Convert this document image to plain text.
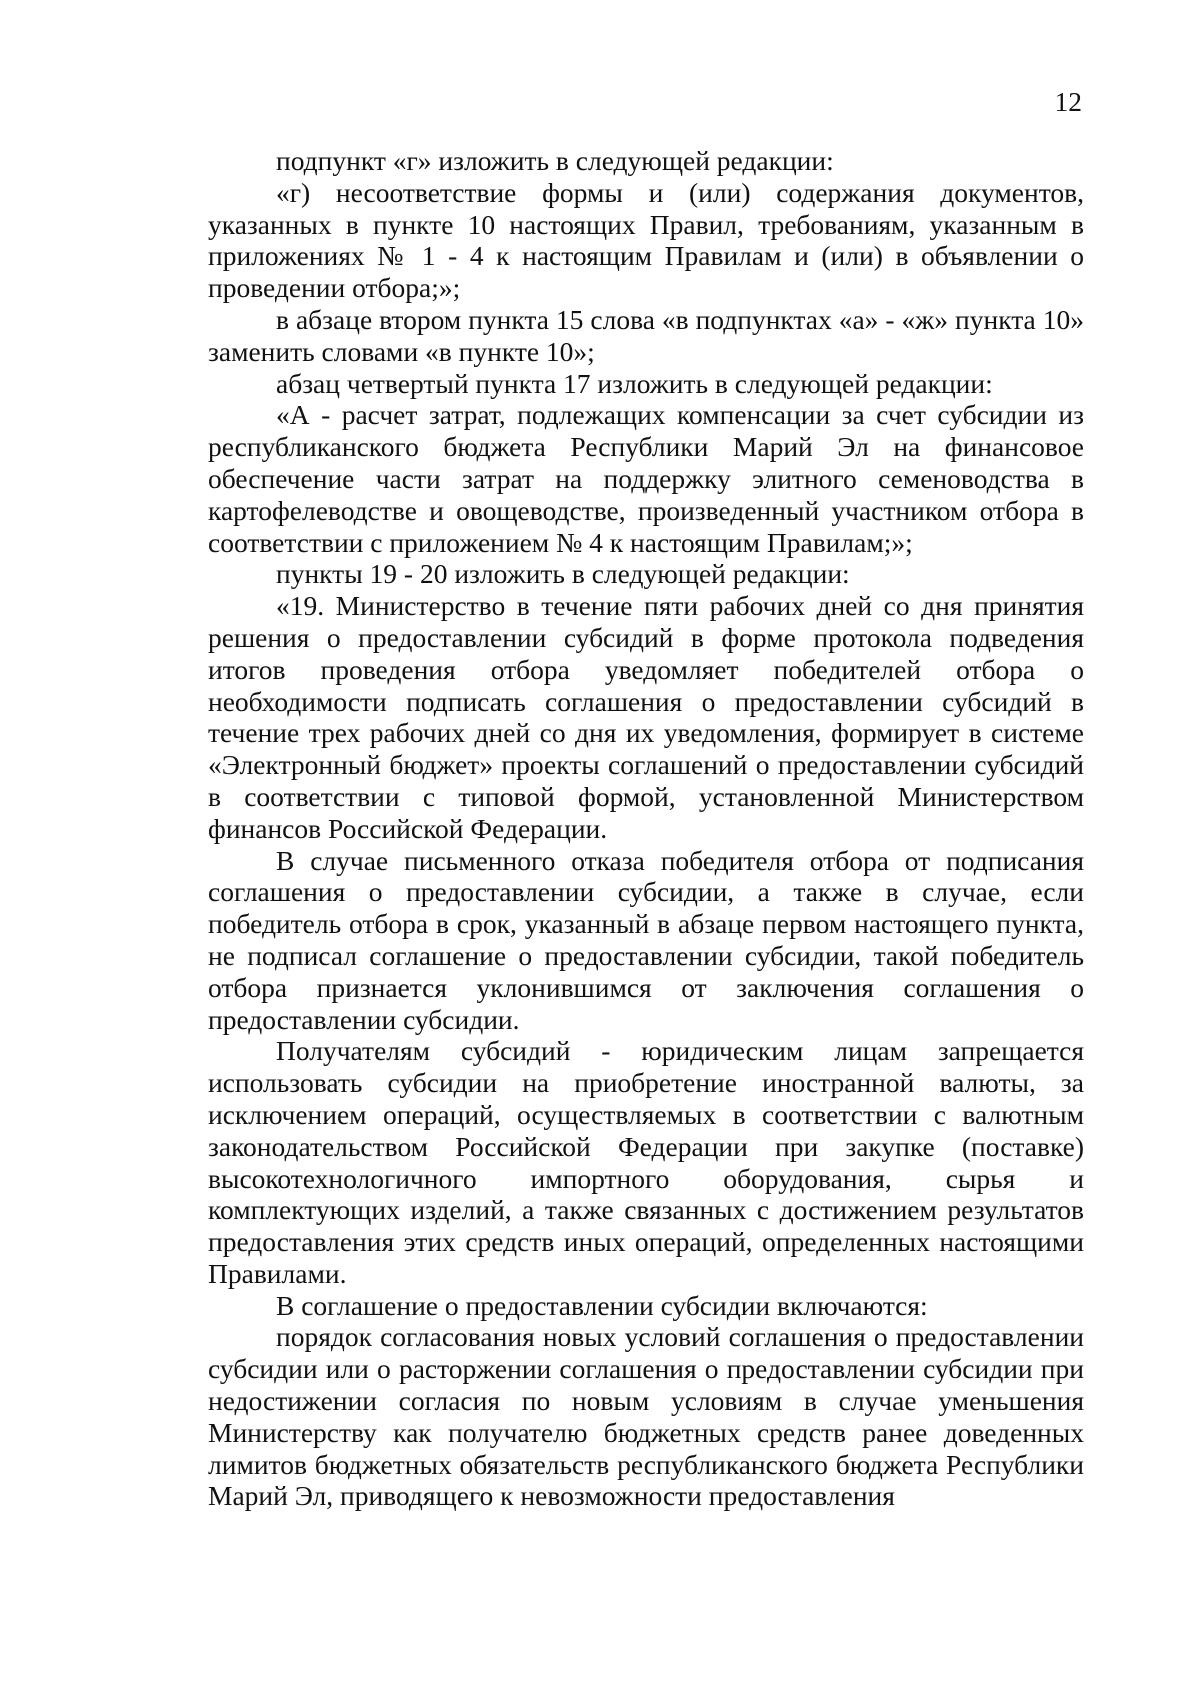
12

подпункт «г» изложить в следующей редакции:

«г) несоответствие формы и (или) содержания документов, указанных в пункте 10 настоящих Правил, требованиям, указанным в приложениях № 1 - 4 к настоящим Правилам и (или) в объявлении о проведении отбора;»;

в абзаце втором пункта 15 слова «в подпунктах «а» - «ж» пункта 10» заменить словами «в пункте 10»;

абзац четвертый пункта 17 изложить в следующей редакции:

«А - расчет затрат, подлежащих компенсации за счет субсидии из республиканского бюджета Республики Марий Эл на финансовое обеспечение части затрат на поддержку элитного семеноводства в картофелеводстве и овощеводстве, произведенный участником отбора в соответствии с приложением № 4 к настоящим Правилам;»;

пункты 19 - 20 изложить в следующей редакции:

«19. Министерство в течение пяти рабочих дней со дня принятия решения о предоставлении субсидий в форме протокола подведения итогов проведения отбора уведомляет победителей отбора о необходимости подписать соглашения о предоставлении субсидий в течение трех рабочих дней со дня их уведомления, формирует в системе «Электронный бюджет» проекты соглашений о предоставлении субсидий в соответствии с типовой формой, установленной Министерством финансов Российской Федерации.

В случае письменного отказа победителя отбора от подписания соглашения о предоставлении субсидии, а также в случае, если победитель отбора в срок, указанный в абзаце первом настоящего пункта, не подписал соглашение о предоставлении субсидии, такой победитель отбора признается уклонившимся от заключения соглашения о предоставлении субсидии.

Получателям субсидий - юридическим лицам запрещается использовать субсидии на приобретение иностранной валюты, за исключением операций, осуществляемых в соответствии с валютным законодательством Российской Федерации при закупке (поставке) высокотехнологичного импортного оборудования, сырья и комплектующих изделий, а также связанных с достижением результатов предоставления этих средств иных операций, определенных настоящими Правилами.

В соглашение о предоставлении субсидии включаются:

порядок согласования новых условий соглашения о предоставлении субсидии или о расторжении соглашения о предоставлении субсидии при недостижении согласия по новым условиям в случае уменьшения Министерству как получателю бюджетных средств ранее доведенных лимитов бюджетных обязательств республиканского бюджета Республики Марий Эл, приводящего к невозможности предоставления
